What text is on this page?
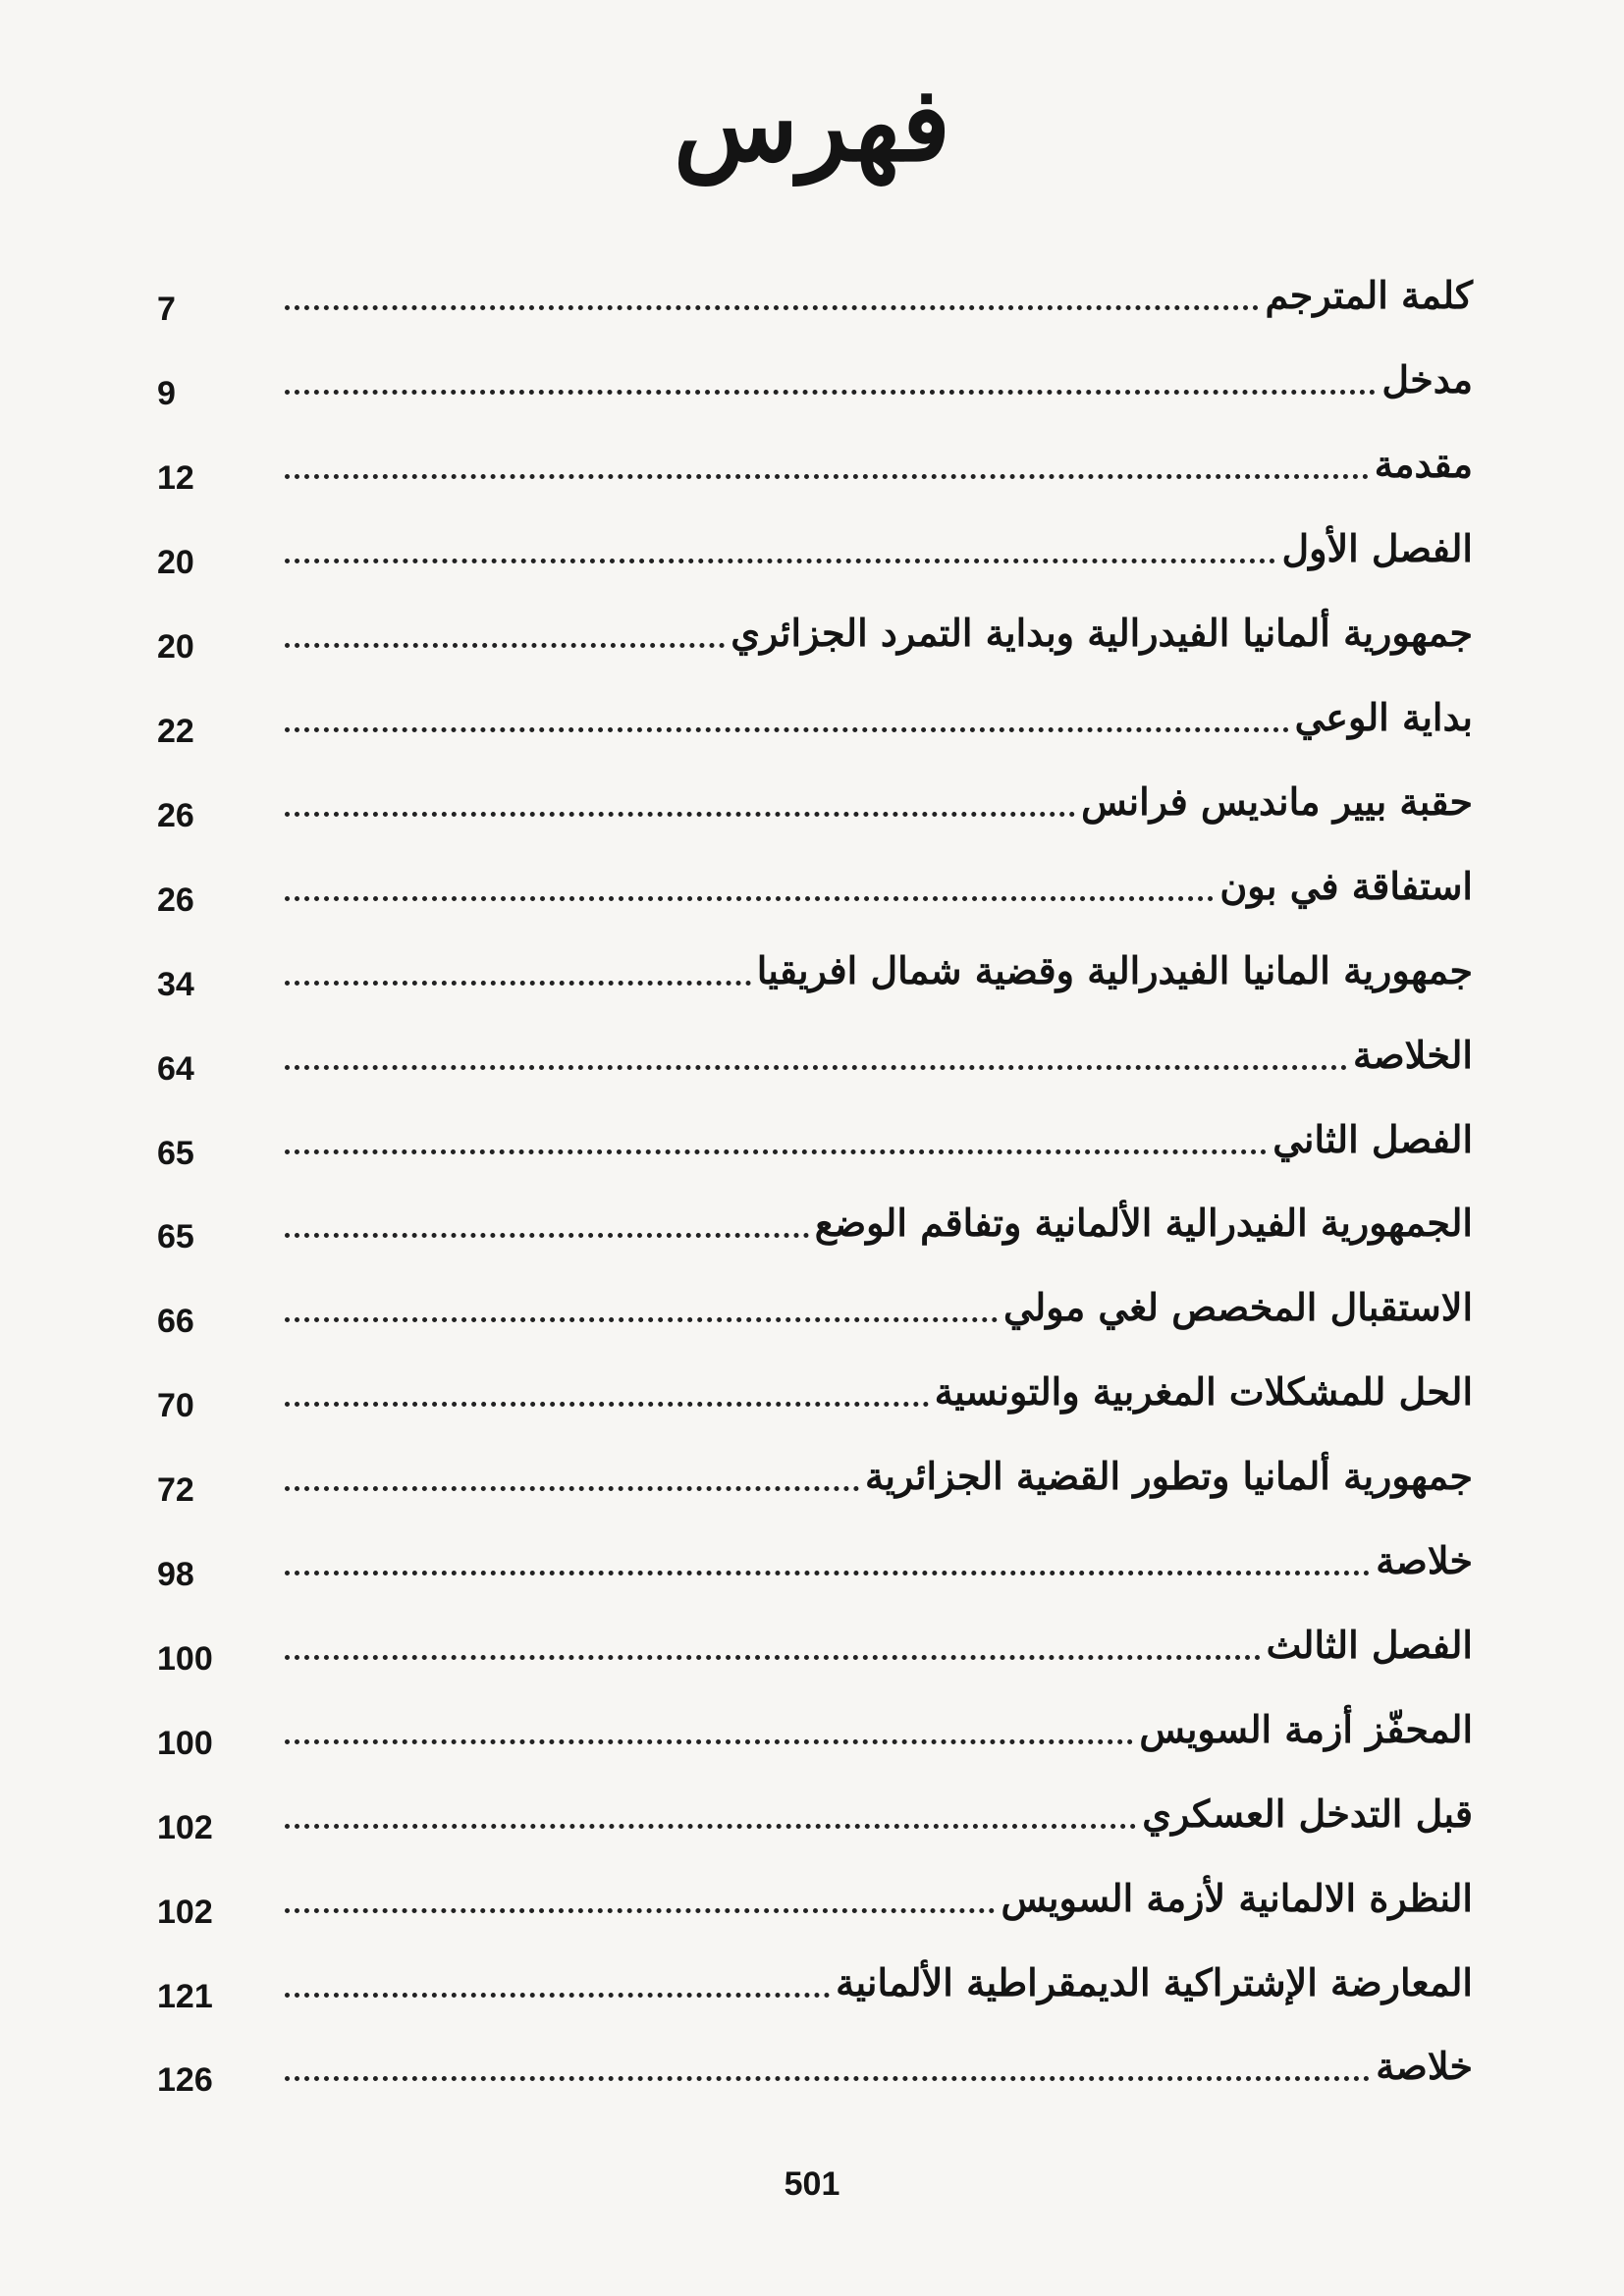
فهرس
كلمة المترجم
7
مدخل
9
مقدمة
12
الفصل الأول
20
جمهورية ألمانيا الفيدرالية وبداية التمرد الجزائري
20
بداية الوعي
22
حقبة بيير مانديس فرانس
26
استفاقة في بون
26
جمهورية المانيا الفيدرالية وقضية شمال افريقيا
34
الخلاصة
64
الفصل الثاني
65
الجمهورية الفيدرالية الألمانية وتفاقم الوضع
65
الاستقبال المخصص لغي مولي
66
الحل للمشكلات المغربية والتونسية
70
جمهورية ألمانيا وتطور القضية الجزائرية
72
خلاصة
98
الفصل الثالث
100
المحفّز أزمة السويس
100
قبل التدخل العسكري
102
النظرة الالمانية لأزمة السويس
102
المعارضة الإشتراكية الديمقراطية الألمانية
121
خلاصة
126
501
